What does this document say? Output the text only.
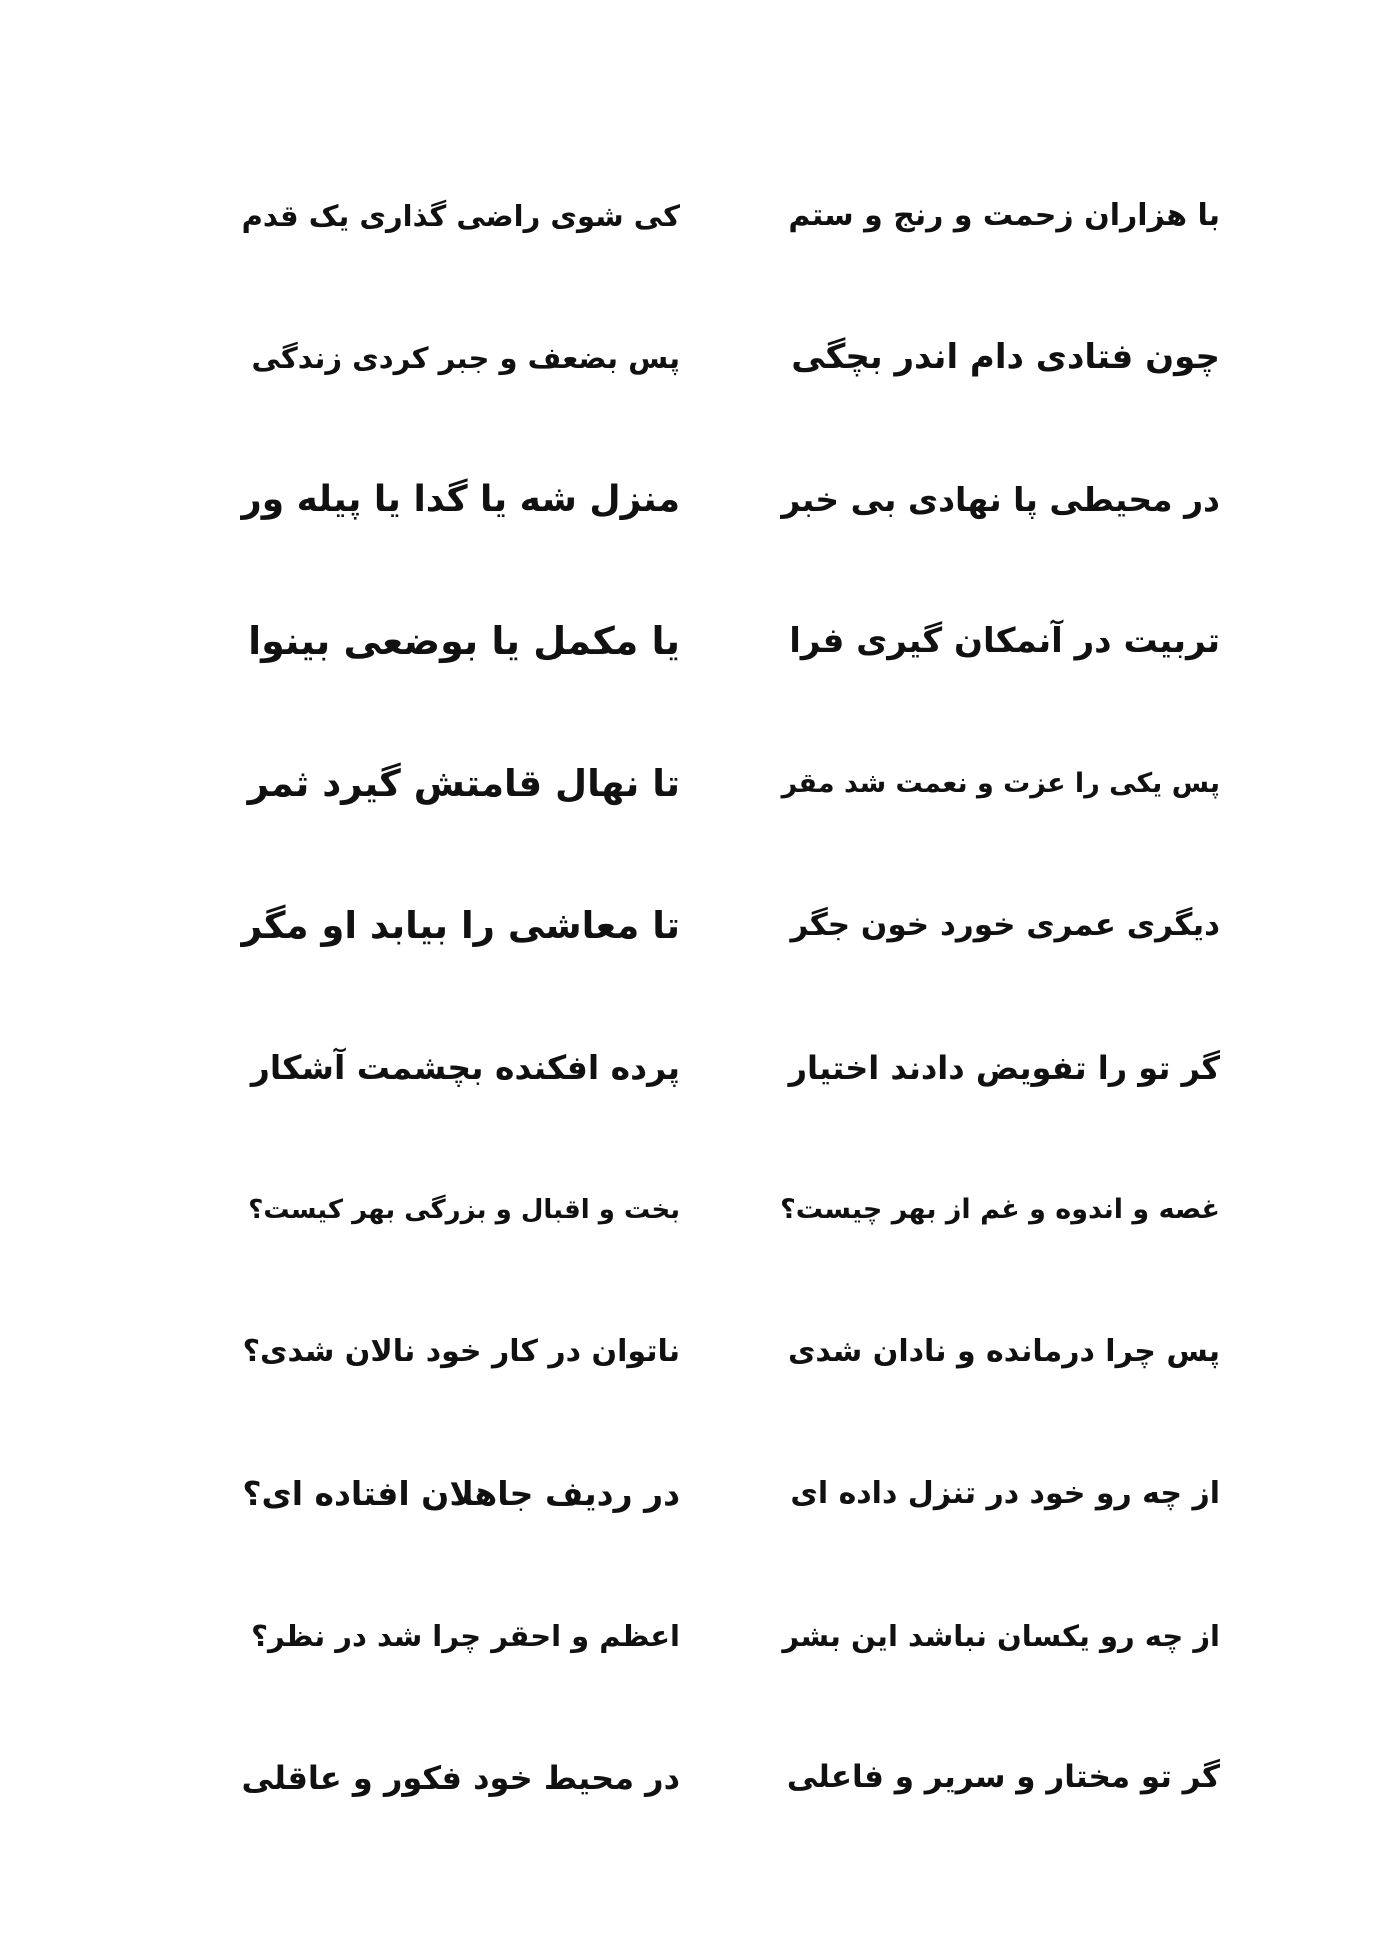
با هزاران زحمت و رنج و ستم
کی شوی راضی گذاری یک قدم
چون فتادی دام اندر بچگی
پس بضعف و جبر کردی زندگی
در محیطی پا نهادی بی خبر
منزل شه یا گدا یا پیله ور
تربیت در آنمکان گیری فرا
یا مکمل یا بوضعی بینوا
پس یکی را عزت و نعمت شد مقر
تا نهال قامتش گیرد ثمر
دیگری عمری خورد خون جگر
تا معاشی را بیابد او مگر
گر تو را تفویض دادند اختیار
پرده افکنده بچشمت آشکار
غصه و اندوه و غم از بهر چیست؟
بخت و اقبال و بزرگی بهر کیست؟
پس چرا درمانده و نادان شدی
ناتوان در کار خود نالان شدی؟
از چه رو خود در تنزل داده ای
در ردیف جاهلان افتاده ای؟
از چه رو یکسان نباشد این بشر
اعظم و احقر چرا شد در نظر؟
گر تو مختار و سریر و فاعلی
در محیط خود فکور و عاقلی
